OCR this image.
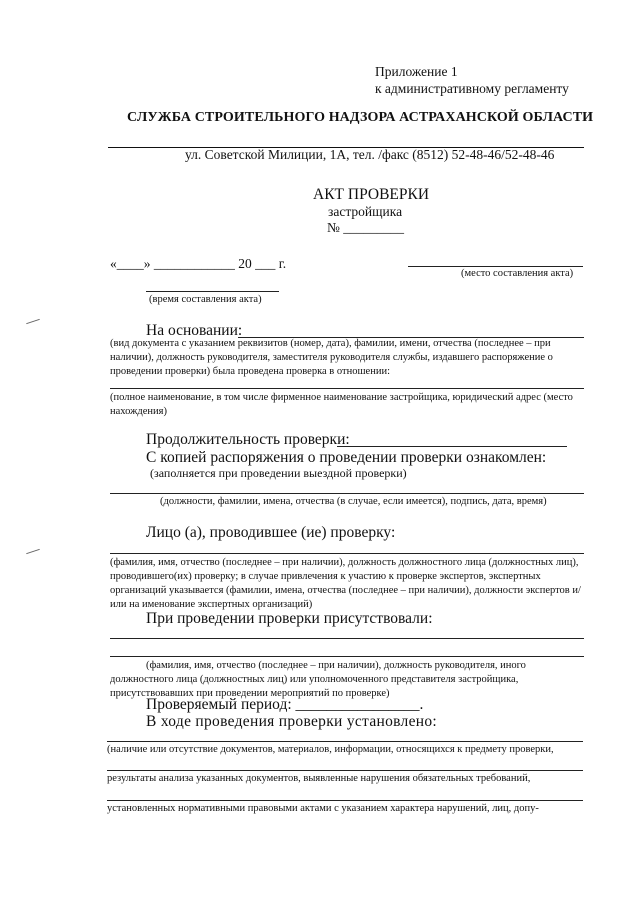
Приложение 1
к административному регламенту
СЛУЖБА СТРОИТЕЛЬНОГО НАДЗОРА АСТРАХАНСКОЙ ОБЛАСТИ
ул. Советской Милиции, 1А, тел. /факс (8512) 52-48-46/52-48-46
АКТ ПРОВЕРКИ
застройщика
№ _________
«____» ____________ 20 ___ г.
(место составления акта)
(время составления акта)
На основании:
(вид документа с указанием реквизитов (номер, дата), фамилии, имени, отчества (последнее – при наличии), должность руководителя, заместителя руководителя службы, издавшего распоряжение о проведении проверки) была проведена проверка в отношении:
(полное наименование, в том числе фирменное наименование застройщика, юридический адрес (место нахождения)
Продолжительность проверки:
С копией распоряжения о проведении проверки ознакомлен:
(заполняется при проведении выездной проверки)
(должности, фамилии, имена, отчества (в случае, если имеется), подпись, дата, время)
Лицо (а), проводившее (ие) проверку:
(фамилия, имя, отчество (последнее – при наличии), должность должностного лица (должностных лиц), проводившего(их) проверку; в случае привлечения к участию к проверке экспертов, экспертных организаций указывается (фамилии, имена, отчества (последнее – при наличии), должности экспертов и/или на именование экспертных организаций)
При проведении проверки присутствовали:
(фамилия, имя, отчество (последнее – при наличии), должность руководителя, иного должностного лица (должностных лиц) или уполномоченного представителя застройщика, присутствовавших при проведении мероприятий по проверке)
Проверяемый период: ________________.
В ходе проведения проверки установлено:
(наличие или отсутствие документов, материалов, информации, относящихся к предмету проверки,
результаты анализа указанных документов, выявленные нарушения обязательных требований,
установленных нормативными правовыми актами с указанием характера нарушений, лиц, допу-
